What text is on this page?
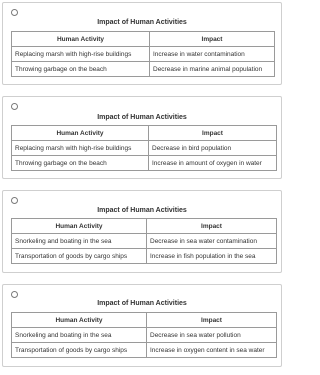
Impact of Human Activities
Human Activity	Impact
Replacing marsh with high-rise buildings	Increase in water contamination
Throwing garbage on the beach	Decrease in marine animal population
Impact of Human Activities
Human Activity	Impact
Replacing marsh with high-rise buildings	Decrease in bird population
Throwing garbage on the beach	Increase in amount of oxygen in water
Impact of Human Activities
Human Activity	Impact
Snorkeling and boating in the sea	Decrease in sea water contamination
Transportation of goods by cargo ships	Increase in fish population in the sea
Impact of Human Activities
Human Activity	Impact
Snorkeling and boating in the sea	Decrease in sea water pollution
Transportation of goods by cargo ships	Increase in oxygen content in sea water
